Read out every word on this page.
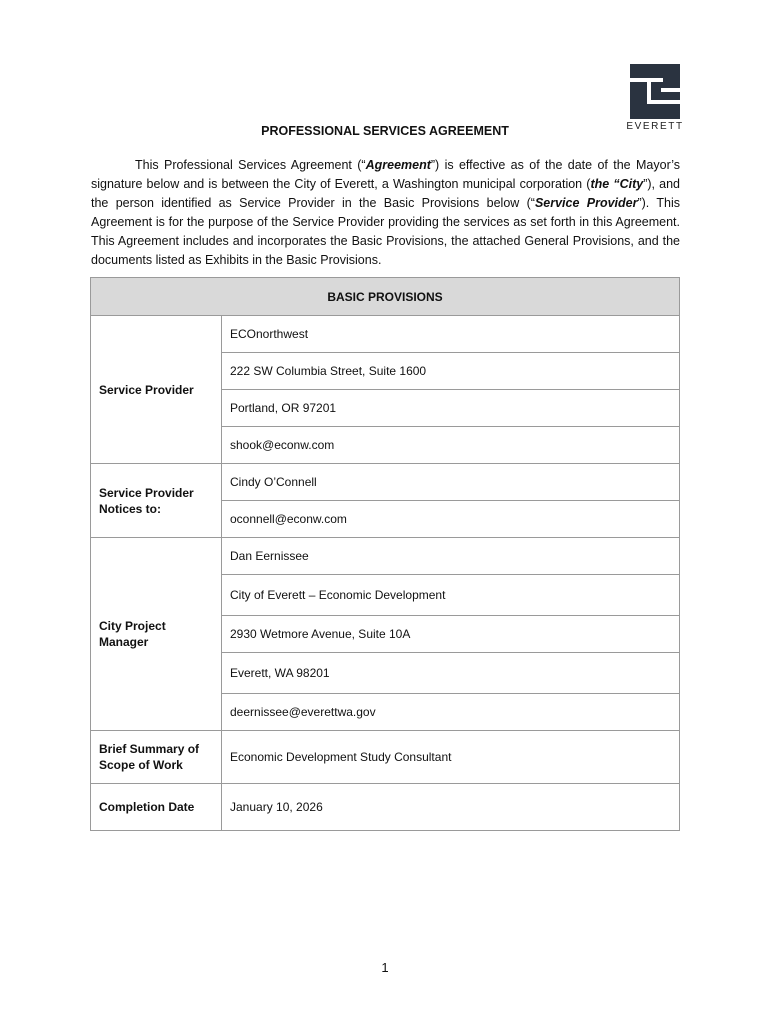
EVERETT
PROFESSIONAL SERVICES AGREEMENT
This Professional Services Agreement (“Agreement”) is effective as of the date of the Mayor’s signature below and is between the City of Everett, a Washington municipal corporation (the “City”), and the person identified as Service Provider in the Basic Provisions below (“Service Provider”). This Agreement is for the purpose of the Service Provider providing the services as set forth in this Agreement. This Agreement includes and incorporates the Basic Provisions, the attached General Provisions, and the documents listed as Exhibits in the Basic Provisions.
BASIC PROVISIONS	
Service Provider	ECOnorthwest
	222 SW Columbia Street, Suite 1600
	Portland, OR 97201
	shook@econw.com
Service Provider Notices to:	Cindy O’Connell
	oconnell@econw.com
City Project Manager	Dan Eernissee
	City of Everett – Economic Development
	2930 Wetmore Avenue, Suite 10A
	Everett, WA 98201
	deernissee@everettwa.gov
Brief Summary of Scope of Work	Economic Development Study Consultant
Completion Date	January 10, 2026
1
